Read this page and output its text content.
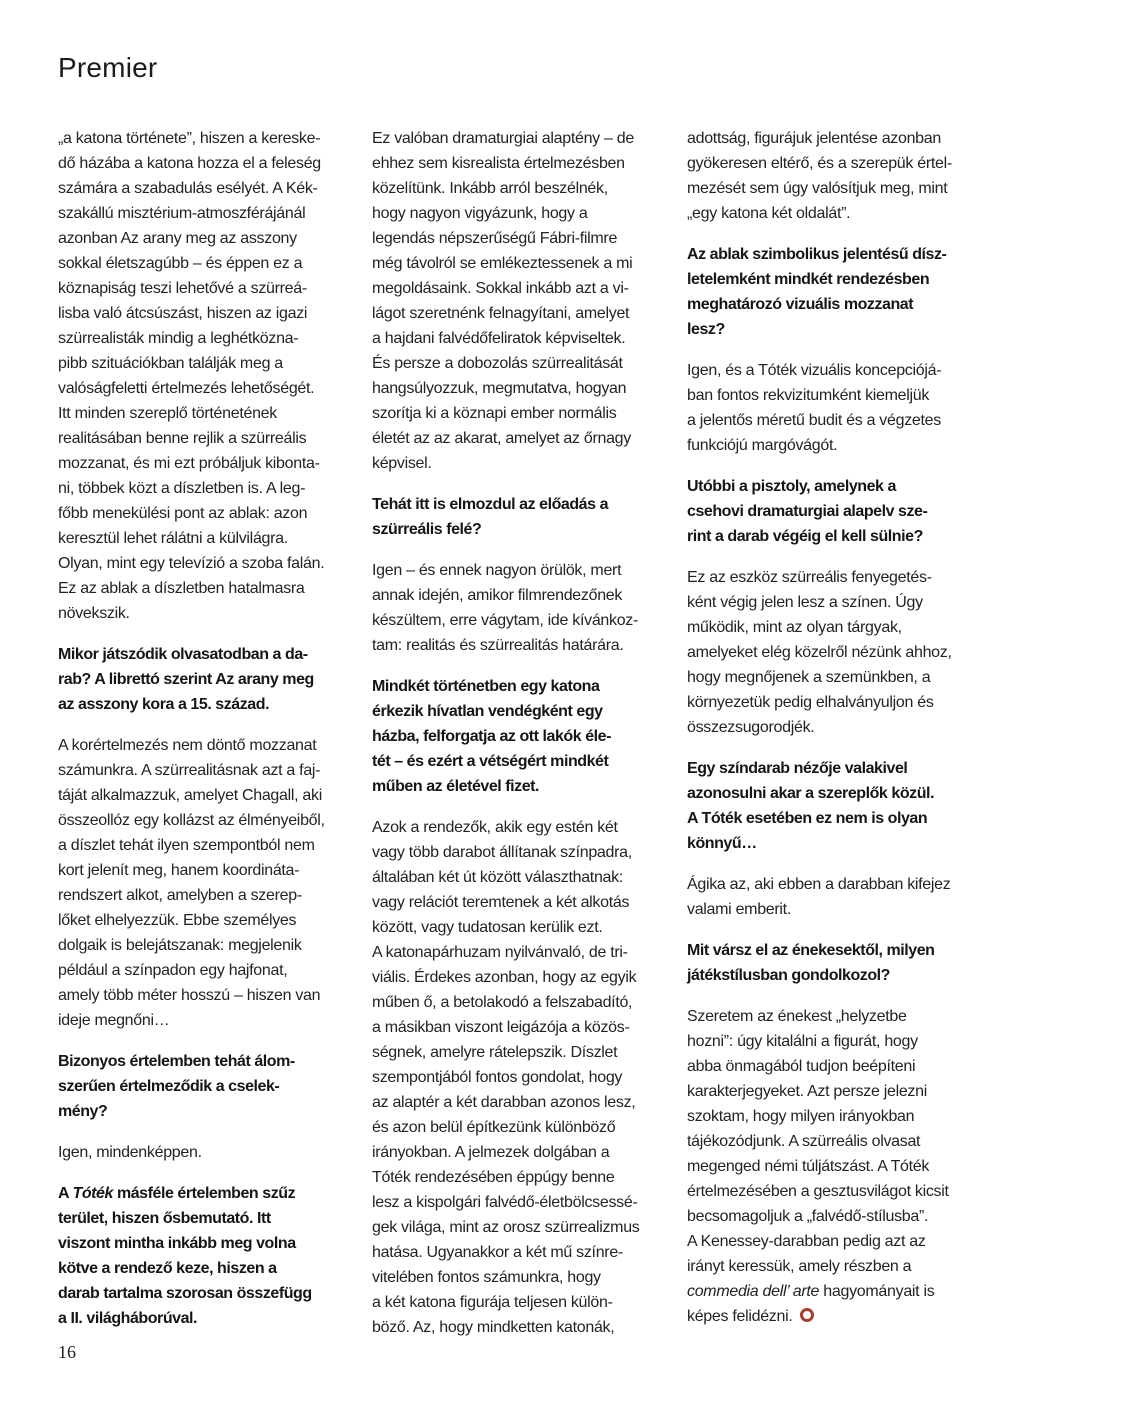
Premier
„a katona története”, hiszen a kereske-
dő házába a katona hozza el a feleség
számára a szabadulás esélyét. A Kék-
szakállú misztérium-atmoszférájánál
azonban Az arany meg az asszony
sokkal életszagúbb – és éppen ez a
köznapiság teszi lehetővé a szürreá-
lisba való átcsúszást, hiszen az igazi
szürrealisták mindig a leghétközna-
pibb szituációkban találják meg a
valóságfeletti értelmezés lehetőségét.
Itt minden szereplő történetének
realitásában benne rejlik a szürreális
mozzanat, és mi ezt próbáljuk kibonta-
ni, többek közt a díszletben is. A leg-
főbb menekülési pont az ablak: azon
keresztül lehet rálátni a külvilágra.
Olyan, mint egy televízió a szoba falán.
Ez az ablak a díszletben hatalmasra
növekszik.
Mikor játszódik olvasatodban a da-
rab? A librettó szerint Az arany meg
az asszony kora a 15. század.
A korértelmezés nem döntő mozzanat
számunkra. A szürrealitásnak azt a faj-
táját alkalmazzuk, amelyet Chagall, aki
összeollóz egy kollázst az élményeiből,
a díszlet tehát ilyen szempontból nem
kort jelenít meg, hanem koordináta-
rendszert alkot, amelyben a szerep-
lőket elhelyezzük. Ebbe személyes
dolgaik is belejátszanak: megjelenik
például a színpadon egy hajfonat,
amely több méter hosszú – hiszen van
ideje megnőni…
Bizonyos értelemben tehát álom-
szerűen értelmeződik a cselek-
mény?
Igen, mindenképpen.
A Tóték másféle értelemben szűz
terület, hiszen ősbemutató. Itt
viszont mintha inkább meg volna
kötve a rendező keze, hiszen a
darab tartalma szorosan összefügg
a II. világháborúval.
Ez valóban dramaturgiai alaptény – de
ehhez sem kisrealista értelmezésben
közelítünk. Inkább arról beszélnék,
hogy nagyon vigyázunk, hogy a
legendás népszerűségű Fábri-filmre
még távolról se emlékeztessenek a mi
megoldásaink. Sokkal inkább azt a vi-
lágot szeretnénk felnagyítani, amelyet
a hajdani falvédőfeliratok képviseltek.
És persze a dobozolás szürrealitását
hangsúlyozzuk, megmutatva, hogyan
szorítja ki a köznapi ember normális
életét az az akarat, amelyet az őrnagy
képvisel.
Tehát itt is elmozdul az előadás a
szürreális felé?
Igen – és ennek nagyon örülök, mert
annak idején, amikor filmrendezőnek
készültem, erre vágytam, ide kívánkoz-
tam: realitás és szürrealitás határára.
Mindkét történetben egy katona
érkezik hívatlan vendégként egy
házba, felforgatja az ott lakók éle-
tét – és ezért a vétségért mindkét
műben az életével fizet.
Azok a rendezők, akik egy estén két
vagy több darabot állítanak színpadra,
általában két út között választhatnak:
vagy relációt teremtenek a két alkotás
között, vagy tudatosan kerülik ezt.
A katonapárhuzam nyilvánvaló, de tri-
viális. Érdekes azonban, hogy az egyik
műben ő, a betolakodó a felszabadító,
a másikban viszont leigázója a közös-
ségnek, amelyre rátelepszik. Díszlet
szempontjából fontos gondolat, hogy
az alaptér a két darabban azonos lesz,
és azon belül építkezünk különböző
irányokban. A jelmezek dolgában a
Tóték rendezésében éppúgy benne
lesz a kispolgári falvédő-életbölcsessé-
gek világa, mint az orosz szürrealizmus
hatása. Ugyanakkor a két mű színre-
vitelében fontos számunkra, hogy
a két katona figurája teljesen külön-
böző. Az, hogy mindketten katonák,
adottság, figurájuk jelentése azonban
gyökeresen eltérő, és a szerepük értel-
mezését sem úgy valósítjuk meg, mint
„egy katona két oldalát”.
Az ablak szimbolikus jelentésű dísz-
letelemként mindkét rendezésben
meghatározó vizuális mozzanat
lesz?
Igen, és a Tóték vizuális koncepciójá-
ban fontos rekvizitumként kiemeljük
a jelentős méretű budit és a végzetes
funkciójú margóvágót.
Utóbbi a pisztoly, amelynek a
csehovi dramaturgiai alapelv sze-
rint a darab végéig el kell sülnie?
Ez az eszköz szürreális fenyegetés-
ként végig jelen lesz a színen. Úgy
működik, mint az olyan tárgyak,
amelyeket elég közelről nézünk ahhoz,
hogy megnőjenek a szemünkben, a
környezetük pedig elhalványuljon és
összezsugorodjék.
Egy színdarab nézője valakivel
azonosulni akar a szereplők közül.
A Tóték esetében ez nem is olyan
könnyű…
Ágika az, aki ebben a darabban kifejez
valami emberit.
Mit vársz el az énekesektől, milyen
játékstílusban gondolkozol?
Szeretem az énekest „helyzetbe
hozni”: úgy kitalálni a figurát, hogy
abba önmagából tudjon beépíteni
karakterjegyeket. Azt persze jelezni
szoktam, hogy milyen irányokban
tájékozódjunk. A szürreális olvasat
megenged némi túljátszást. A Tóték
értelmezésében a gesztusvilágot kicsit
becsomagoljuk a „falvédő-stílusba”.
A Kenessey-darabban pedig azt az
irányt keressük, amely részben a
commedia dell’ arte hagyományait is
képes felidézni.
16
